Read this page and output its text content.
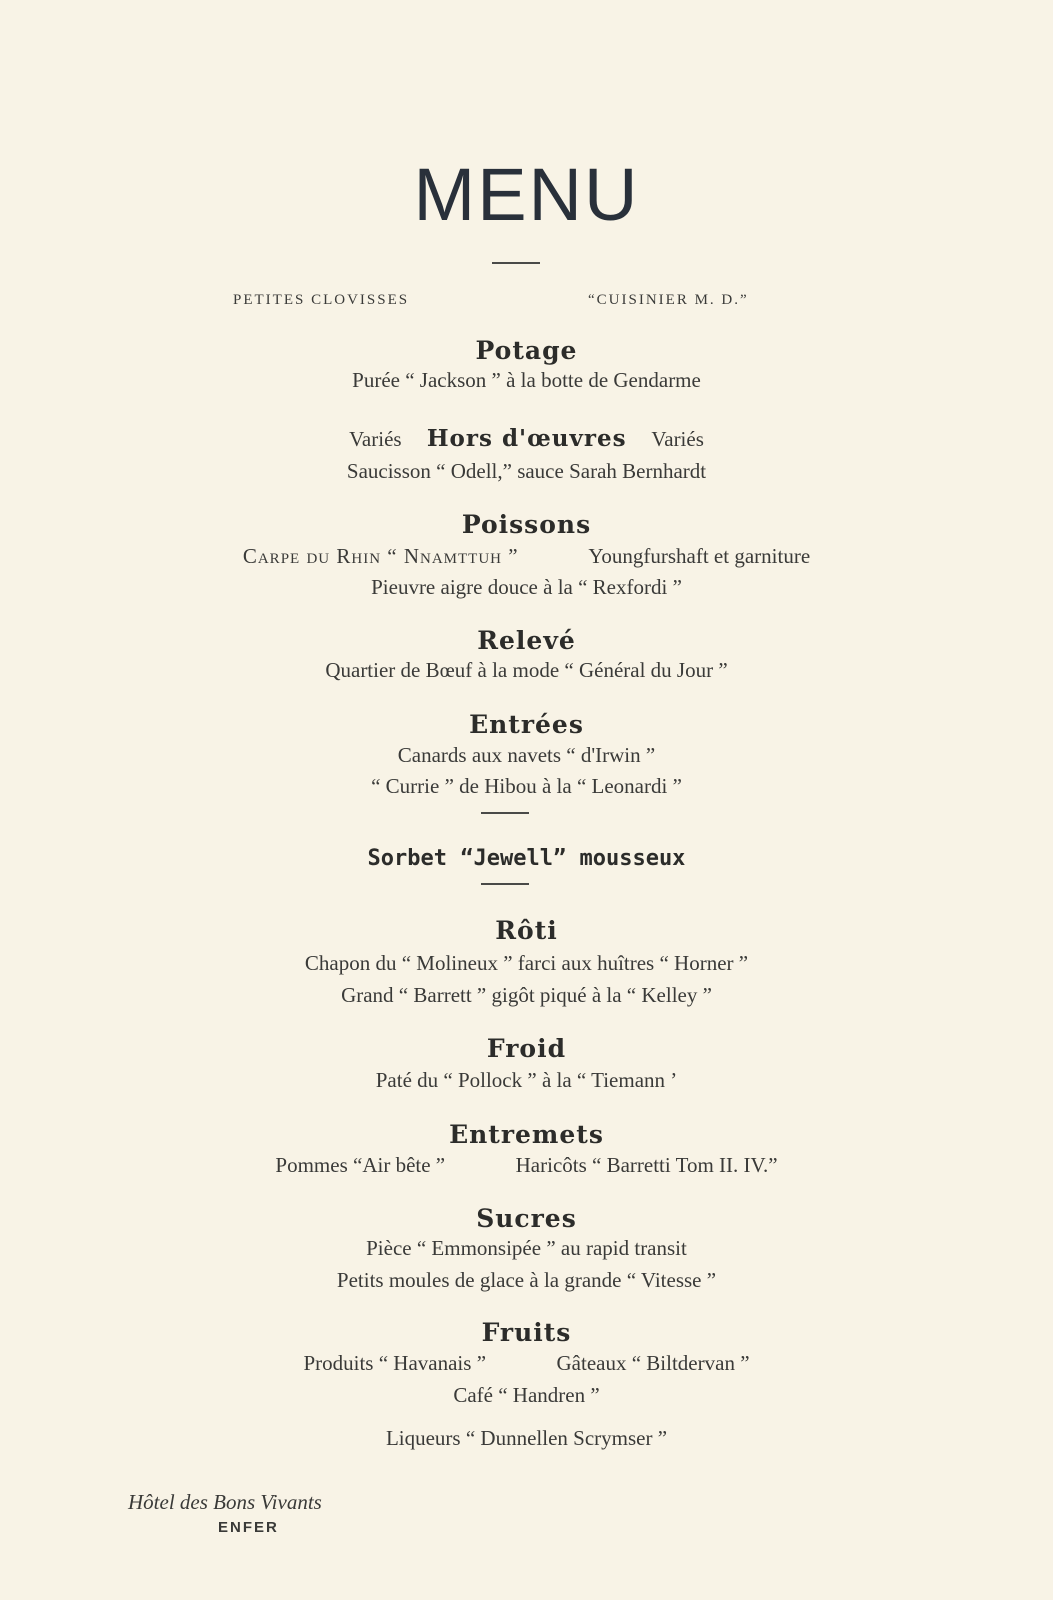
MENU
PETITES CLOVISSES	“CUISINIER M. D.”
Potage
Purée “ Jackson ” à la botte de Gendarme
Variés Hors d'œuvres Variés
Saucisson “ Odell,” sauce Sarah Bernhardt
Poissons
Carpe du Rhin “ Nnamttuh ”	Youngfurshaft et garniture
Pieuvre aigre douce à la “ Rexfordi ”
Relevé
Quartier de Bœuf à la mode “ Général du Jour ”
Entrées
Canards aux navets “ d'Irwin ”
“ Currie ” de Hibou à la “ Leonardi ”
Sorbet “Jewell” mousseux
Rôti
Chapon du “ Molineux ” farci aux huîtres “ Horner ”
Grand “ Barrett ” gigôt piqué à la “ Kelley ”
Froid
Paté du “ Pollock ” à la “ Tiemann ’
Entremets
Pommes “Air bête ”	Haricôts “ Barretti Tom II. IV.”
Sucres
Pièce “ Emmonsipée ” au rapid transit
Petits moules de glace à la grande “ Vitesse ”
Fruits
Produits “ Havanais ”	Gâteaux “ Biltdervan ”
Café “ Handren ”
Liqueurs “ Dunnellen Scrymser ”
Hôtel des Bons Vivants
ENFER
